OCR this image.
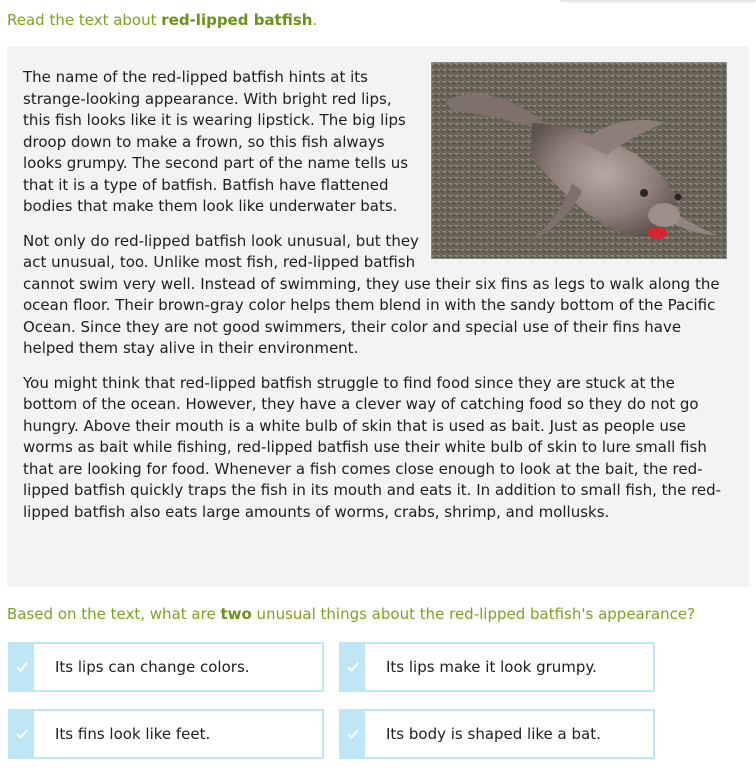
Read the text about red-lipped batfish.

The name of the red-lipped batfish hints at its strange-looking appearance. With bright red lips, this fish looks like it is wearing lipstick. The big lips droop down to make a frown, so this fish always looks grumpy. The second part of the name tells us that it is a type of batfish. Batfish have flattened bodies that make them look like underwater bats.

Not only do red-lipped batfish look unusual, but they act unusual, too. Unlike most fish, red-lipped batfish cannot swim very well. Instead of swimming, they use their six fins as legs to walk along the ocean floor. Their brown-gray color helps them blend in with the sandy bottom of the Pacific Ocean. Since they are not good swimmers, their color and special use of their fins have helped them stay alive in their environment.

You might think that red-lipped batfish struggle to find food since they are stuck at the bottom of the ocean. However, they have a clever way of catching food so they do not go hungry. Above their mouth is a white bulb of skin that is used as bait. Just as people use worms as bait while fishing, red-lipped batfish use their white bulb of skin to lure small fish that are looking for food. Whenever a fish comes close enough to look at the bait, the red-lipped batfish quickly traps the fish in its mouth and eats it. In addition to small fish, the red-lipped batfish also eats large amounts of worms, crabs, shrimp, and mollusks.

Based on the text, what are two unusual things about the red-lipped batfish's appearance?
Its lips can change colors.	Its lips make it look grumpy.
Its fins look like feet.	Its body is shaped like a bat.
